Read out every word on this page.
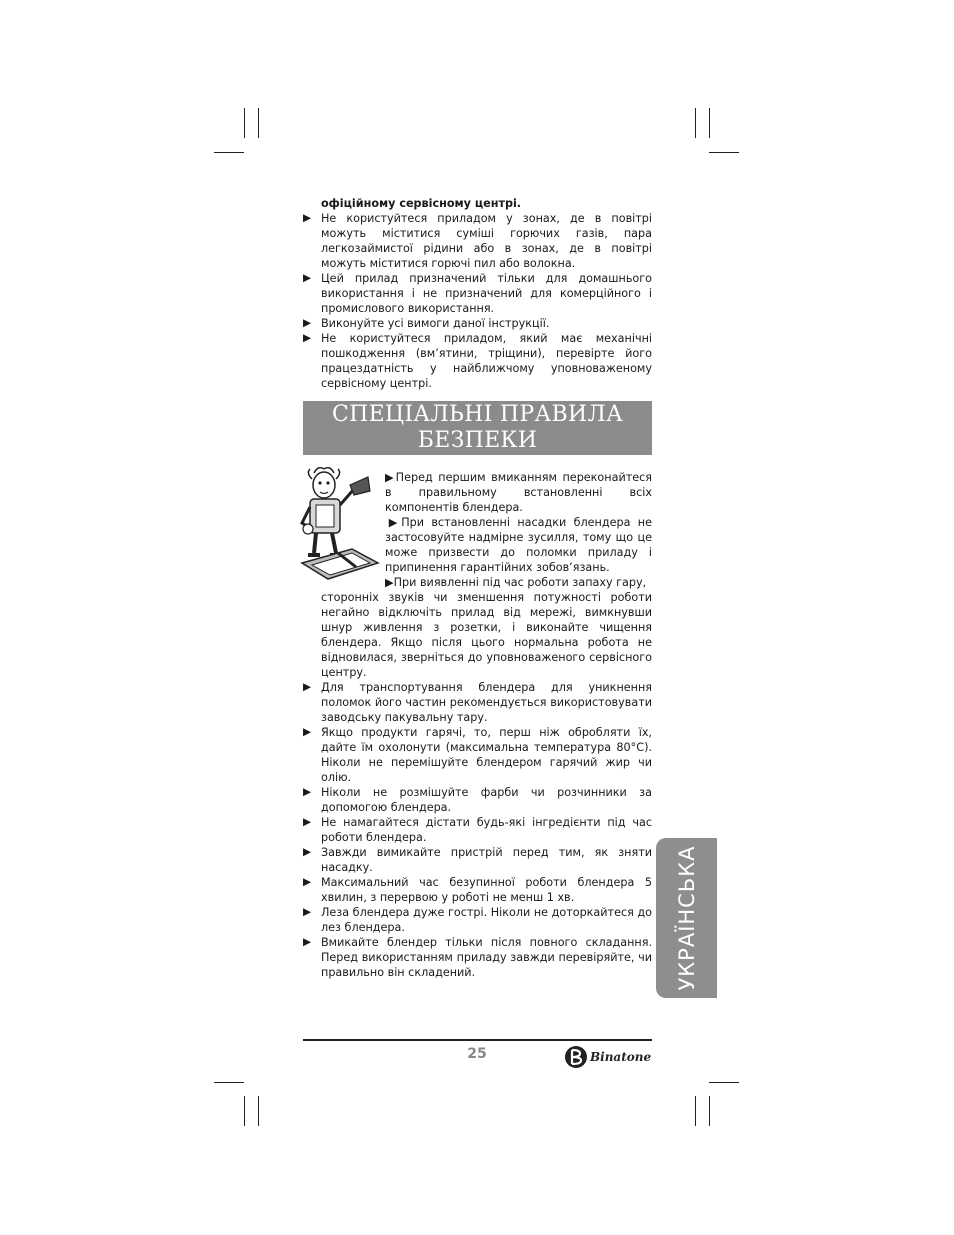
офіційному сервісному центрі.

▶ Не користуйтеся приладом у зонах, де в повітрі можуть міститися суміші горючих газів, пара легкозаймистої рідини або в зонах, де в повітрі можуть міститися горючі пил або волокна.
▶ Цей прилад призначений тільки для домашнього використання і не призначений для комерційного і промислового використання.
▶ Виконуйте усі вимоги даної інструкції.
▶ Не користуйтеся приладом, який має механічні пошкодження (вм’ятини, тріщини), перевірте його працездатність у найближчому уповноваженому сервісному центрі.
СПЕЦІАЛЬНІ ПРАВИЛА
БЕЗПЕКИ

▶Перед першим вмиканням переконайтеся в правильному встановленні всіх компонентів блендера.

▶При встановленні насадки блендера не застосовуйте надмірне зусилля, тому що це може призвести до поломки приладу і припинення гарантійних зобов’язань.

▶При виявленні під час роботи запаху гару,

сторонніх звуків чи зменшення потужності роботи негайно відключіть прилад від мережі, вимкнувши шнур живлення з розетки, і виконайте чищення блендера. Якщо після цього нормальна робота не відновилася, зверніться до уповноваженого сервісного центру.

▶ Для транспортування блендера для уникнення поломок його частин рекомендується використовувати заводську пакувальну тару.
▶ Якщо продукти гарячі, то, перш ніж обробляти їх, дайте їм охолонути (максимальна температура 80°С). Ніколи не перемішуйте блендером гарячий жир чи олію.
▶ Ніколи не розмішуйте фарби чи розчинники за допомогою блендера.
▶ Не намагайтеся дістати будь-які інгредієнти під час роботи блендера.
▶ Завжди вимикайте пристрій перед тим, як зняти насадку.
▶ Максимальний час безупинної роботи блендера 5 хвилин, з перервою у роботі не менш 1 хв.
▶ Леза блендера дуже гострі. Ніколи не доторкайтеся до лез блендера.
▶ Вмикайте блендер тільки після повного складання. Перед використанням приладу завжди перевіряйте, чи правильно він складений.	УКРАЇНСЬКА
25	Binatone
